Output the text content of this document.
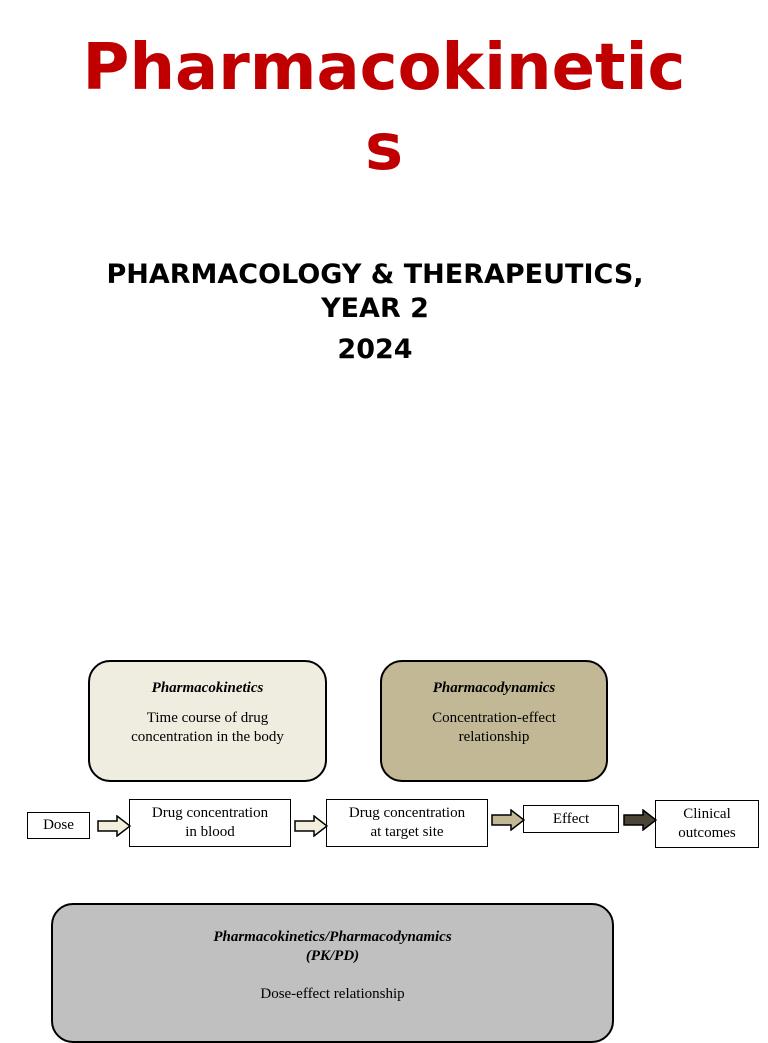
Pharmacokinetic
s
PHARMACOLOGY & THERAPEUTICS,
YEAR 2
2024
Pharmacokinetics
Time course of drug
concentration in the body
Pharmacodynamics
Concentration-effect
relationship
Dose
Drug concentration
in blood
Drug concentration
at target site
Effect	Clinical
outcomes
Pharmacokinetics/Pharmacodynamics
(PK/PD)
Dose-effect relationship
